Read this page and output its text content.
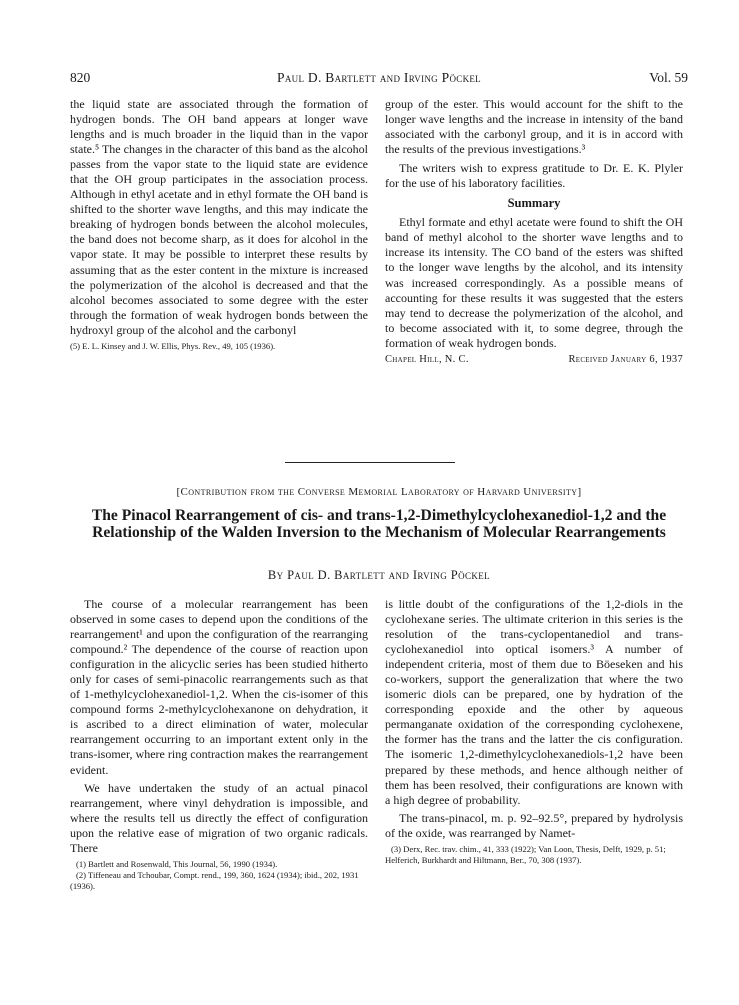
820	Paul D. Bartlett and Irving Pöckel	Vol. 59

the liquid state are associated through the formation of hydrogen bonds. The OH band appears at longer wave lengths and is much broader in the liquid than in the vapor state.⁵ The changes in the character of this band as the alcohol passes from the vapor state to the liquid state are evidence that the OH group participates in the association process. Although in ethyl acetate and in ethyl formate the OH band is shifted to the shorter wave lengths, and this may indicate the breaking of hydrogen bonds between the alcohol molecules, the band does not become sharp, as it does for alcohol in the vapor state. It may be possible to interpret these results by assuming that as the ester content in the mixture is increased the polymerization of the alcohol is decreased and that the alcohol becomes associated to some degree with the ester through the formation of weak hydrogen bonds between the hydroxyl group of the alcohol and the carbonyl

(5) E. L. Kinsey and J. W. Ellis, Phys. Rev., 49, 105 (1936).

group of the ester. This would account for the shift to the longer wave lengths and the increase in intensity of the band associated with the carbonyl group, and it is in accord with the results of the previous investigations.³

The writers wish to express gratitude to Dr. E. K. Plyler for the use of his laboratory facilities.

Summary

Ethyl formate and ethyl acetate were found to shift the OH band of methyl alcohol to the shorter wave lengths and to increase its intensity. The CO band of the esters was shifted to the longer wave lengths by the alcohol, and its intensity was increased correspondingly. As a possible means of accounting for these results it was suggested that the esters may tend to decrease the polymerization of the alcohol, and to become associated with it, to some degree, through the formation of weak hydrogen bonds.

Chapel Hill, N. C.	Received January 6, 1937
[Contribution from the Converse Memorial Laboratory of Harvard University]
The Pinacol Rearrangement of cis- and trans-1,2-Dimethylcyclohexanediol-1,2 and the Relationship of the Walden Inversion to the Mechanism of Molecular Rearrangements
By Paul D. Bartlett and Irving Pöckel

The course of a molecular rearrangement has been observed in some cases to depend upon the conditions of the rearrangement¹ and upon the configuration of the rearranging compound.² The dependence of the course of reaction upon configuration in the alicyclic series has been studied hitherto only for cases of semi-pinacolic rearrangements such as that of 1-methylcyclohexanediol-1,2. When the cis-isomer of this compound forms 2-methylcyclohexanone on dehydration, it is ascribed to a direct elimination of water, molecular rearrangement occurring to an important extent only in the trans-isomer, where ring contraction makes the rearrangement evident.

We have undertaken the study of an actual pinacol rearrangement, where vinyl dehydration is impossible, and where the results tell us directly the effect of configuration upon the relative ease of migration of two organic radicals. There

(1) Bartlett and Rosenwald, This Journal, 56, 1990 (1934).

(2) Tiffeneau and Tchoubar, Compt. rend., 199, 360, 1624 (1934); ibid., 202, 1931 (1936).

is little doubt of the configurations of the 1,2-diols in the cyclohexane series. The ultimate criterion in this series is the resolution of the trans-cyclopentanediol and trans-cyclohexanediol into optical isomers.³ A number of independent criteria, most of them due to Böeseken and his co-workers, support the generalization that where the two isomeric diols can be prepared, one by hydration of the corresponding epoxide and the other by aqueous permanganate oxidation of the corresponding cyclohexene, the former has the trans and the latter the cis configuration. The isomeric 1,2-dimethylcyclohexanediols-1,2 have been prepared by these methods, and hence although neither of them has been resolved, their configurations are known with a high degree of probability.

The trans-pinacol, m. p. 92–92.5°, prepared by hydrolysis of the oxide, was rearranged by Namet-

(3) Derx, Rec. trav. chim., 41, 333 (1922); Van Loon, Thesis, Delft, 1929, p. 51; Helferich, Burkhardt and Hiltmann, Ber., 70, 308 (1937).
